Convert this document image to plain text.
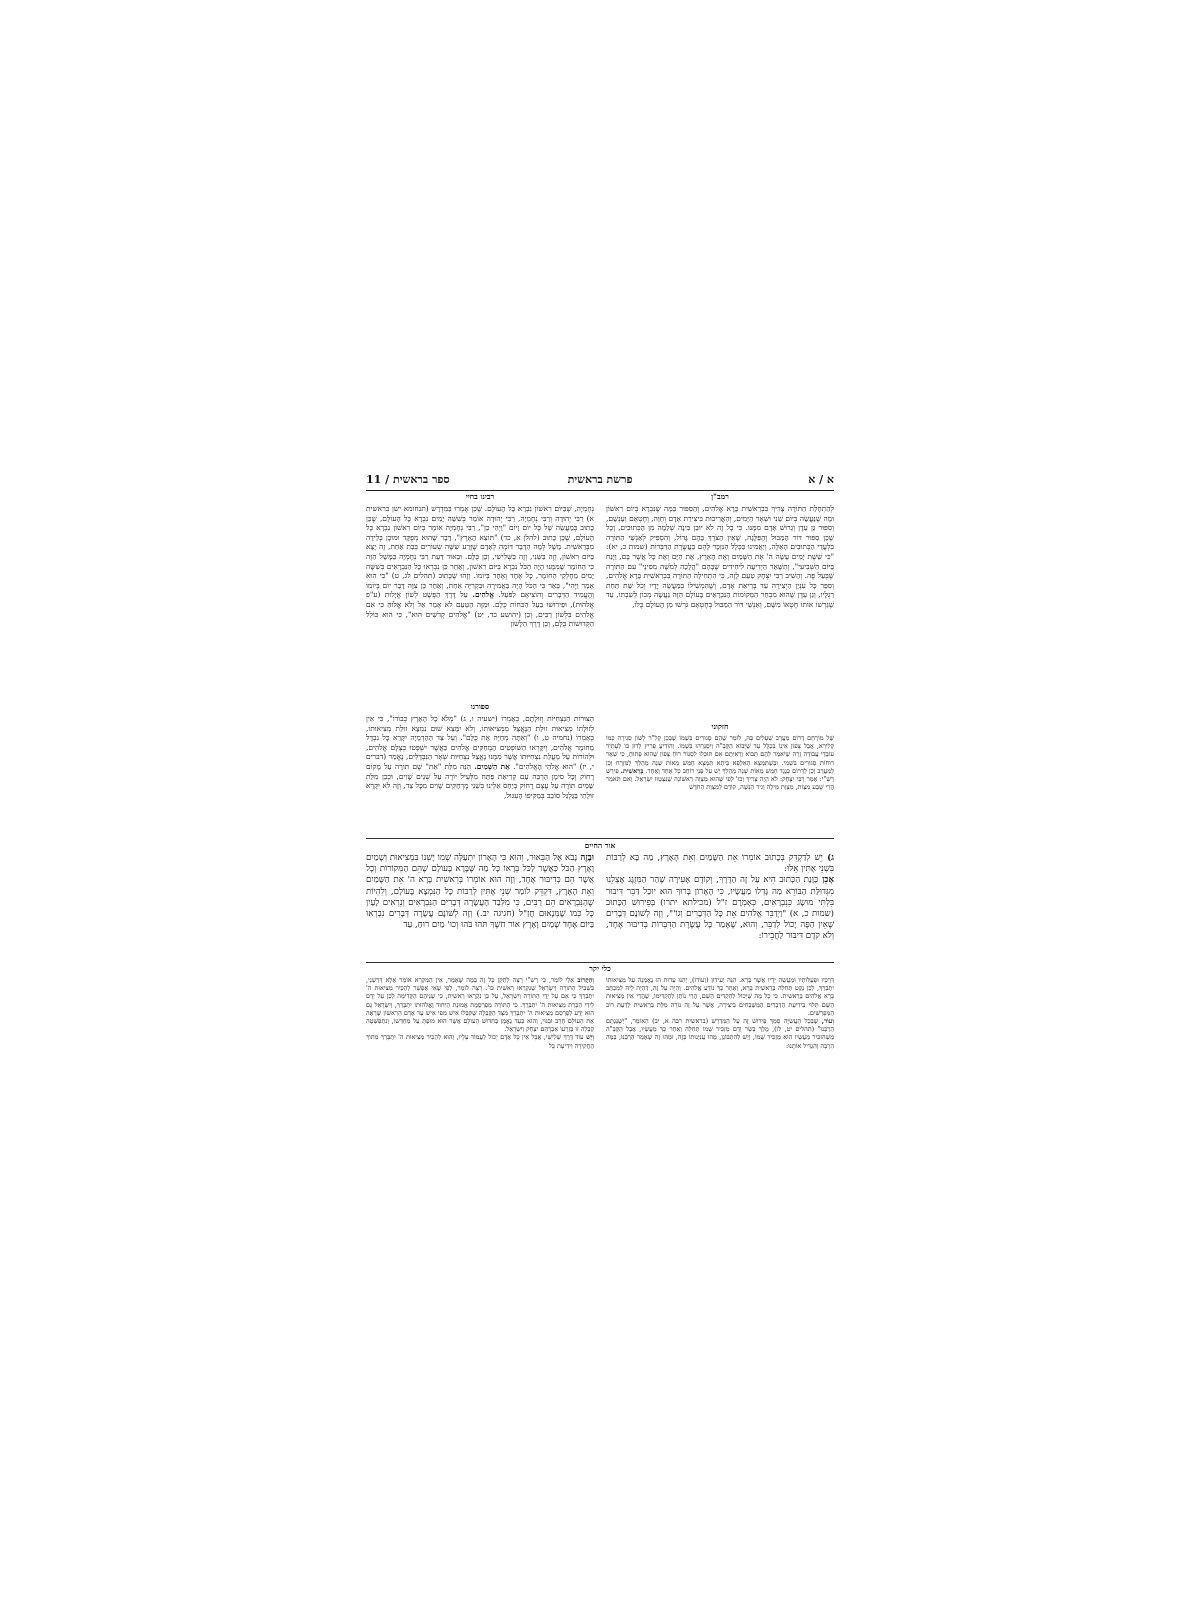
א / א
פרשת בראשית
ספר בראשית / 11
רמב"ן

לְהַתְחָלַת הַתּוֹרָה צָרִיךְ בִּבְרֵאשִׁית בָּרָא אֱלֹהִים, וְהַסִּפּוּר בַּמֶּה שֶׁנִּבְרָא בְּיוֹם רִאשׁוֹן וּמֶה שֶׁנַּעֲשָׂה בְּיוֹם שֵׁנִי וּשְׁאָר הַיָּמִים, וְהַאֲרִיכוּת בִּיצִירַת אָדָם וְחַוָּה, וְחֶטְאָם וְעָנְשָׁם, וְסִפּוּר גַּן עֵדֶן וְגֵרוּשׁ אָדָם מִמֶּנּוּ. כִּי כָל זֶה לֹא יוּבַן בִּינָה שְׁלֵמָה מִן הַכְּתוּבִים, וְכָל שֶׁכֵּן סִפּוּר דּוֹר הַמַּבּוּל וְהַפַּלָּגָה, שֶׁאֵין הַצֹּרֶךְ בָּהֶם גָּדוֹל, וְהִסְפִּיק לְאַנְשֵׁי הַתּוֹרָה בִּלְעֲדֵי הַכְּתוּבִים הָאֵלֶּה, וְיַאֲמִינוּ בַּכְּלָל הַנִּזְכָּר לָהֶם בַּעֲשֶׂרֶת הַדִּבְּרוֹת (שמות כ, יא): "כִּי שֵׁשֶׁת יָמִים עָשָׂה ה' אֶת הַשָּׁמַיִם וְאֶת הָאָרֶץ, אֶת הַיָּם וְאֶת כָּל אֲשֶׁר בָּם, וַיָּנַח בַּיּוֹם הַשְּׁבִיעִי", וְתִשָּׁאֵר הַיְדִיעָה לִיחִידִים שֶׁבָּהֶם "הֲלָכָה לְמֹשֶׁה מִסִּינַי" עִם הַתּוֹרָה שֶׁבְּעַל פֶּה. וְהֵשִׁיב רַבִּי יִצְחָק טַעַם לָזֶה, כִּי הִתְחִילָה הַתּוֹרָה בִּבְרֵאשִׁית בָּרָא אֱלֹהִים, וְסִפֵּר כָּל עִנְיַן הַיְצִירָה עַד בְּרִיאַת אָדָם, וְשֶׁהִמְשִׁילוֹ בְּמַעֲשֵׂה יָדָיו וְכֹל שַׁת תַּחַת רַגְלָיו, וְגַן עֵדֶן שֶׁהוּא מִבְחַר הַמְּקוֹמוֹת הַנִּבְרָאִים בָּעוֹלָם הַזֶּה נַעֲשָׂה מְכוֹן לְשִׁבְתּוֹ, עַד שֶׁגֵּרְשׁוֹ אוֹתוֹ חֶטְאוֹ מִשָּׁם, וְאַנְשֵׁי דּוֹר הַמַּבּוּל בְּחֶטְאָם גֹּרְשׁוּ מִן הָעוֹלָם כֻּלּוֹ,

חזקוני

שֶׁל מוֹרְחָם דָּרוֹם מַעֲרָב שְׁעָלִים בָּהּ, לוֹמַר שֶׁהֵם סְגוּרִים בִּשְׁמוֹ שֶׁבְּכָן קָלִ"ר לָשׁוֹן סְגִירָה כְּמוֹ קְלִירָא, אֲבָל צָפוֹן אֵינוֹ בִּכְלָל עַד שֶׁיָּבוֹא הַקָּבָּ"ה וְיִסְגְּרֵהוּ בִּשְׁמוֹ. וְהוֹדִיעַ פָּרִיץ לְדוּן בּוֹ לְעָתִיד עוֹבְדֵי עֲבוֹדָה זָרָה שֶׁיֹּאמַר לָהֶם תָּבוֹא וְרָאִיתֶם אִם תּוּכְלוּ לִסְגּוֹר רוּחַ צָפוֹן שֶׁהוּא פָּתוּחַ, כִּי שְׁאָר רוּחוֹת סְגוּרִים בִּשְׁמִי. וּבְשֶׁתִּמְצָא הָאַלְפָּא בֵּיתָא תִּמְצָא חָמֵשׁ מֵאוֹת שָׁנָה מֵהַלָּךְ לַמִּזְרָח וְכֵן לַמַּעֲרָב וְכֵן לַדָּרוֹם כְּנֶגֶד חָמֵשׁ מֵאוֹת שָׁנָה מֵהַלָּךְ יֵשׁ עַל פְּנֵי רוֹחַב כָּל אֶחָד וְאֶחָד. בְּרֵאשִׁית. פֵּירֵשׁ רַשִׁ"י: אָמַר רַבִּי יִצְחָק: לֹא הָיָה צָרִיךְ וְכוּ' לְפִי שֶׁהוּא מִצְוָה רִאשׁוֹנָה שֶׁנִּצְטַוּוּ יִשְׂרָאֵל. וְאִם תֹּאמַר הֲרֵי שֶׁבַע מִצְוֹת, מִצְוַת מִילָה וְגִיד הַנָּשֶׁה, קוֹדֶם לְמִצְוַת הַחֹדֶשׁ

רבינו בחיי

נְחֶמְיָה, שֶׁבַּיּוֹם רִאשׁוֹן נִבְרָא כָּל הָעוֹלָם. שֶׁכֵּן אָמְרוּ בַּמִּדְרָשׁ (תנחומא ישן בראשית א) רַבִּי יְהוּדָה וְרַבִּי נְחֶמְיָה, רַבִּי יְהוּדָה אוֹמֵר בְּשִׁשָּׁה יָמִים נִבְרָא כָּל הָעוֹלָם, שֶׁכֵּן כָּתוּב בְּמַעֲשֵׂה שֶׁל כָּל יוֹם וָיוֹם "וַיְהִי כֵן", רַבִּי נְחֶמְיָה אוֹמֵר בְּיוֹם רִאשׁוֹן נִבְרָא כָּל הָעוֹלָם, שֶׁכֵּן כָּתוּב (להלן א, כד) "תּוֹצֵא הָאָרֶץ", דָּבָר שֶׁהוּא מְפֻקָּד וּמוּכָן בְּלֵידָה מִבְּרֵאשִׁית. מָשָׁל לְמָה הַדָּבָר דּוֹמֶה לְאָדָם שֶׁזָּרַע שִׁשָּׁה שְׂעוֹרִים בְּבַת אַחַת, זֶה יָצָא בַּיּוֹם רִאשׁוֹן, וְזֶה בַּשֵּׁנִי, וְזֶה בַּשְּׁלִישִׁי, וְכֵן כֻּלָּם. וּבֵאוּר דַּעַת רַבִּי נְחֶמְיָה בַּמָּשָׁל הַזֶּה כִּי הַחוֹמֶר שֶׁמִּמֶּנּוּ הָיָה הַכֹּל נִבְרָא בַּיּוֹם רִאשׁוֹן, וְאַחַר כֵּן נִבְרְאוּ כָּל הַנִּבְרָאִים בְּשִׁשָּׁה יָמִים מֵחֶלְקֵי הַחוֹמֶר, כָּל אֶחָד וְאֶחָד בְּיוֹמוֹ. וְזֶהוּ שֶׁכָּתוּב (תהלים לג, ט) "כִּי הוּא אָמַר וַיֶּהִי", בֵּאֵר כִּי הַכֹּל הָיָה בַּאֲמִירָה וּבִקְרִיָּה אַחַת, וְאַחַר כֵּן צִוָּה דָּבָר יוֹם בְּיוֹמוֹ וְהֶעֱמִיד הַדְּבָרִים וְהוֹצִיאָם לַפֹּעַל. אֱלֹהִים. עַל דֶּרֶךְ הַפְּשָׁט לְשׁוֹן אֱיָלוּת (ע"פ אֱלֹהוּת), וּפֵירוּשׁוֹ בַּעַל הַכֹּחוֹת כֻּלָּם. וּמִזֶּה הַטַּעַם לֹא אָמַר אֵל וְלֹא אֱלוֹהַּ כִּי אִם אֱלֹהִים בִּלְשׁוֹן רַבִּים, וְכֵן (יהושע כד, יט) "אֱלֹהִים קְדֹשִׁים הוּא", כִּי הוּא כּוֹלֵל הַקְּדוּשׁוֹת כֻּלָּם, וְכֵן דֶּרֶךְ הַלָּשׁוֹן

ספורנו

הַצּוּרוֹת הַנִּצְחִיּוֹת וְזוּלָתָם, כְּאָמְרוֹ (ישעיה ו, ג) "מְלֹא כָל הָאָרֶץ כְּבוֹדוֹ", כִּי אֵין לְזוּלָתוֹ מְצִיאוּת זוּלַת הַנֶּאֱצָל מִמְּצִיאוּתוֹ, וְלֹא יִמָּצֵא שׁוּם נִמְצָא זוּלַת מְצִיאוּתוֹ, כְּאָמְרוֹ (נחמיה ט, ו) "וְאַתָּה מְחַיֶּה אֶת כֻּלָּם". וְעַל צַד הַהַדְמָיָה יִקָּרֵא כָּל נִבְדָּל מֵחוֹמֶר אֱלֹהִים, וְיִקָּרְאוּ הַשּׁוֹפְטִים הַמְחַקִּים אֱלֹהִים כַּאֲשֶׁר יִשְׁפְּטוּ בְּצֶלֶם אֱלֹהִים, וּלְהוֹרוֹת עַל מַעֲלַת נִצְחִיּוּתוֹ אֲשֶׁר מִמֶּנּוּ נֶאֱצַל נִצְחִיּוּת שְׁאָר הַנִּבְדָּלִים, נֶאֱמַר (דברים י, יז) "הוּא אֱלֹהֵי הָאֱלֹהִים". אֵת הַשָּׁמַיִם. הִנֵּה מִלַּת "אֵת" שֶׁם תּוֹרָה עַל מָקוֹם רָחוֹק וְכָל סִימָן הַרְבֵּה עַם קְרִיאַת פַּתַּח מִלְּעֵיל יוֹרֶה עַל שְׁנֵים שָׁוִים, וּכְכֵן מִלַּת שָׁמַיִם תּוֹרָה עַל עֶצֶם רָחוֹק בְּיַחַס אֵלֵינוּ בְּשֵׁנִי מֶרְחַקִּים שָׁוִים מִכָּל צַד, וְזֶה לֹא יִקָּרֵא זוּלָתִי בַּגַּלְגַּל סוֹבֵב בְּמַקִּיפוֹ הָעִגּוּל,

אור החיים

ג) יֵשׁ לְדַקְדֵּק בְּכָתוּב אוֹמְרוֹ אֵת הַשָּׁמַיִם וְאֵת הָאָרֶץ, מַה בָּא לְרַבּוֹת בִּשְׁנֵי אֶתִּין אֵלּוּ:
אָכֵן כַּוָּנַת הַכָּתוּב הִיא עַל זֶה הַדֶּרֶךְ, וְקוֹדֶם אָעִירָה שֶׁהַר הַמְּזֻגָּג אֶצְלֵנוּ מִגְּדוּלַּת הַבּוֹרֵא מַה גָּדְלוּ מַעֲשָׂיו, כִּי הָאָרוֹן בָּרוּךְ הוּא יוּכַל דַּבֵּר דִּיבּוּר בִּלְתִּי מוּשָׂג כִּנִבְרָאִים, כְּאָמְרָם ז"ל (מכילתא יתרו) בְּפֵירוּשׁ הַכָּתוּב (שמות כ, א) "וַיְדַבֵּר אֱלֹהִים אֵת כָּל הַדְּבָרִים וְגוֹ'", וְזֶה לְשׁוֹנָם דְּבָרִים שֶׁאֵין הַפֶּה יָכוֹל לְדַבֵּר, וְהוּא, שֶׁאָמַר כָּל עֲשֶׂרֶת הַדִּבְּרוֹת בְּדִיבּוּר אֶחָד, וְלֹא קֹדֶם דִּיבּוּר לַחֲבֵירוֹ:

וּבָזֶה נָבֹא אֶל הַבֵּאוּר, וְהוּא כִּי הָאָרוֹן יִתְעַלֶּה שְׁמוֹ יֶשְׁנוֹ בִּמְצִיאוּת וְשָׁמַיִם וָאָרֶץ הַכֹּל כַּאֲשֶׁר לַכֹּל בְּרָאוֹ כָּל מַה שֶּׁבָּרָא בָּעוֹלָם שֶׁהֵם הַמְּקוֹרוֹת וְכָל אֲשֶׁר הֵם כְּדִיבּוּר אֶחָד, וְזֶה הוּא אוֹמְרוֹ בְּרֵאשִׁית בָּרָא ה' אֵת הַשָּׁמַיִם וְאֵת הָאָרֶץ, דִּקְדֵּק לוֹמַר שְׁנֵי אֶתִּין לְרַבּוֹת כָּל הַנִּמְצָא בָּעוֹלָם, וְלִהְיוֹת שֶׁהַנִּבְרָאִים הֵם רַבִּים, כִּי מִלְּבַד הָעֲשָׂרָה דְּבָרִים הַנִּבְרָאִים וְנִרְאִים לָעַיִן כָּל כְּמוֹ שֶׁמְּנָאוּם חֲזַ"ל (חגיגה יב.) וְזֶה לְשׁוֹנָם עֲשָׂרָה דְּבָרִים נִבְרְאוּ בַּיּוֹם אֶחָד שָׁמַיִם וָאָרֶץ אוֹר חֹשֶׁךְ תֹּהוּ בֹּהוּ וְכוּ' מַיִם רוּחַ, עַד

כלי יקר

דְּרָכָיו וּפְעֻלּוֹתָיו וּמַעֲשֵׂה יָדָיו אֲשֶׁר בָּרָא. הִנֵּה יְעִידוּן (וְעוֹדוֹ), יְהִנּוּ עֵדוּת הוּ נֶאֱמָנָה עַל מְצִיאוּתוֹ יִתְבָּרַךְ, לָכֵן נָקַט תְּחִלָּה בְּרֵאשִׁית בָּרָא, וְאַחַר כָּךְ נוֹדַע אֱלֹהִים. וְהָיָה עַל זֶה, דְּהָיָה לֵיהּ לְמִכְתַּב בָּרָא אֱלֹהִים בְּרֵאשִׁית. כִּי כָל מַה שֶּׁיָּכוֹל לְהַקְדִּים הַשֵּׁם, הֲרֵי נוֹתֵן לְהַקְדִּימוֹ, שֶׁהֲרֵי אֵין מְצִיאוּת הַשֵּׁם תָּלוּי בִּידִיעַת הַדְּבָרִים הַמְּשֻׁבָּחִים בִּיצִירָה, אֲשֶׁר עַל זֶה נוֹרָה מִלַּת בְּרֵאשִׁית לְדַעַת רוֹב הַמְּפָרְשִׁים.
וְעוֹד, שֶׁבְּכָל הָעֲשִׂיָּה סָמַךְ פֵּירוּשׁ זֶה עַל הַמִּדְרָשׁ (בראשית רבה א, יב) הָאוֹמֵר, "יְשַׁנַּנְתָּם הַרְבֵּנוּ" (תהלים יט, לו), מֶלֶךְ בָּשָׂר וָדָם מַזְכִּיר שְׁמוֹ תְּחִלָּה וְאַחַר כָּךְ מַעֲשָׂיו, אֲבָל הַקָּבָּ"ה מַשְׁהוּכִּיר מַעֲשָׂיו הוּא מַזְכִּיר שְׁמוֹ, וְיֵשׁ לְהִתְבּוֹנֵן, מַהוּ עֲנִיַּנוּתוֹ בָּזֶה, וּמַהוּ זֶה שֶׁאָמַר הַרְבֵּנוּ, בַּמֶּה הִרְבָּה וְהִגְדִּיל אוֹתָנוּ:

וְהַקָּרוֹב אֵלַי לוֹמַר, כִּי רַשִׁ"י רָצָה לְתַקֵּן כָּל זֶה בַּמֶּה שֶּׁאָמַר, אֵין הַמִּקְרָא אוֹמֵר אֶלָּא דָּרְשֵׁנִי, בִּשְׁבִיל הַתּוֹרָה וְיִשְׂרָאֵל שֶׁנִּקְרְאוּ רֵאשִׁית כּוּ'. רָצָה לוֹמַר, לְפִי שֶׁאִי אֶפְשָׁר לְהַכִּיר מְצִיאוּת ה' יִתְבָּרַךְ כִּי אִם עַל יְדֵי הַתּוֹרָה וְיִשְׂרָאֵל, עַל כֵּן נִקְרְאוּ רֵאשִׁית, כִּי שְׁנֵיהֶם הַקְּדִימָה לָכֵן עַל יָדָם לִידֵי הַכָּרַת מְצִיאוּת ה' יִתְבָּרַךְ. כִּי הַתּוֹרָה מְפַרְסֶמֶת אֱמוּנַת הַיִּחוּד וֶאֱלֹהוּתוֹ יִתְבָּרַךְ, וְיִשְׂרָאֵל גַּם הוּא יָדַע לְפַרְסֵם מְצִיאוּת ה' יִתְבָּרַךְ מִצַּד הַקַּבָּלָה שֶׁקִּבְּלוּ אִישׁ מִפִּי אִישׁ עַד אָדָם הָרִאשׁוֹן שֶׁרָאָה אֶת הָעוֹלָם חָרֵב וּבְנוּי, וְהוּא כְּעֵד נֶאֱמָן בְּחִדּוּשׁ הָעוֹלָם אֲשֶׁר הוּא מוּפְתָּ עַל מְחַדְּשׁוֹ, וְנִתְפַּשְּׁטָה קַבָּלָה זוֹ בְּזַרְעוֹ אַבְרָהָם יִצְחָק וְיִשְׂרָאֵל.
וְיֵשׁ עוֹד דֶּרֶךְ שְׁלִישִׁי, אֲבָל אֵין כָּל אָדָם יָכוֹל לַעֲמוֹד עָלָיו, וְהוּא לְהַכִּיר מְצִיאוּת ה' יִתְבָּרַךְ מִתּוֹךְ הַחֲקִירָה וִידִיעַת כָּל
